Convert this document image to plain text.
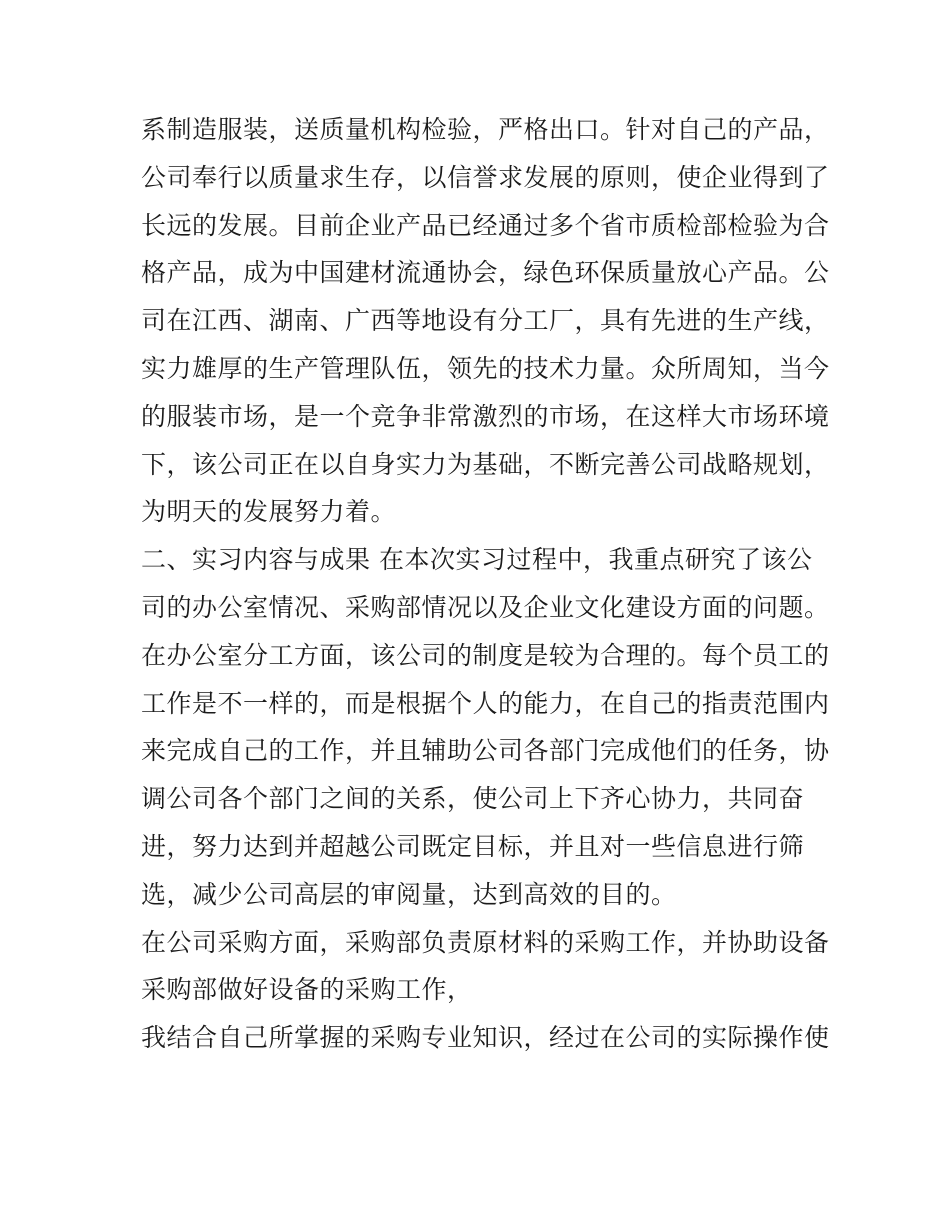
系制造服装，送质量机构检验，严格出口。针对自己的产品，
公司奉行以质量求生存，以信誉求发展的原则，使企业得到了
长远的发展。目前企业产品已经通过多个省市质检部检验为合
格产品，成为中国建材流通协会，绿色环保质量放心产品。公
司在江西、湖南、广西等地设有分工厂，具有先进的生产线，
实力雄厚的生产管理队伍，领先的技术力量。众所周知，当今
的服装市场，是一个竞争非常激烈的市场，在这样大市场环境
下，该公司正在以自身实力为基础，不断完善公司战略规划，
为明天的发展努力着。
二、实习内容与成果 在本次实习过程中，我重点研究了该公
司的办公室情况、采购部情况以及企业文化建设方面的问题。
在办公室分工方面，该公司的制度是较为合理的。每个员工的
工作是不一样的，而是根据个人的能力，在自己的指责范围内
来完成自己的工作，并且辅助公司各部门完成他们的任务，协
调公司各个部门之间的关系，使公司上下齐心协力，共同奋
进，努力达到并超越公司既定目标，并且对一些信息进行筛
选，减少公司高层的审阅量，达到高效的目的。
在公司采购方面，采购部负责原材料的采购工作，并协助设备
采购部做好设备的采购工作，
我结合自己所掌握的采购专业知识，经过在公司的实际操作使
